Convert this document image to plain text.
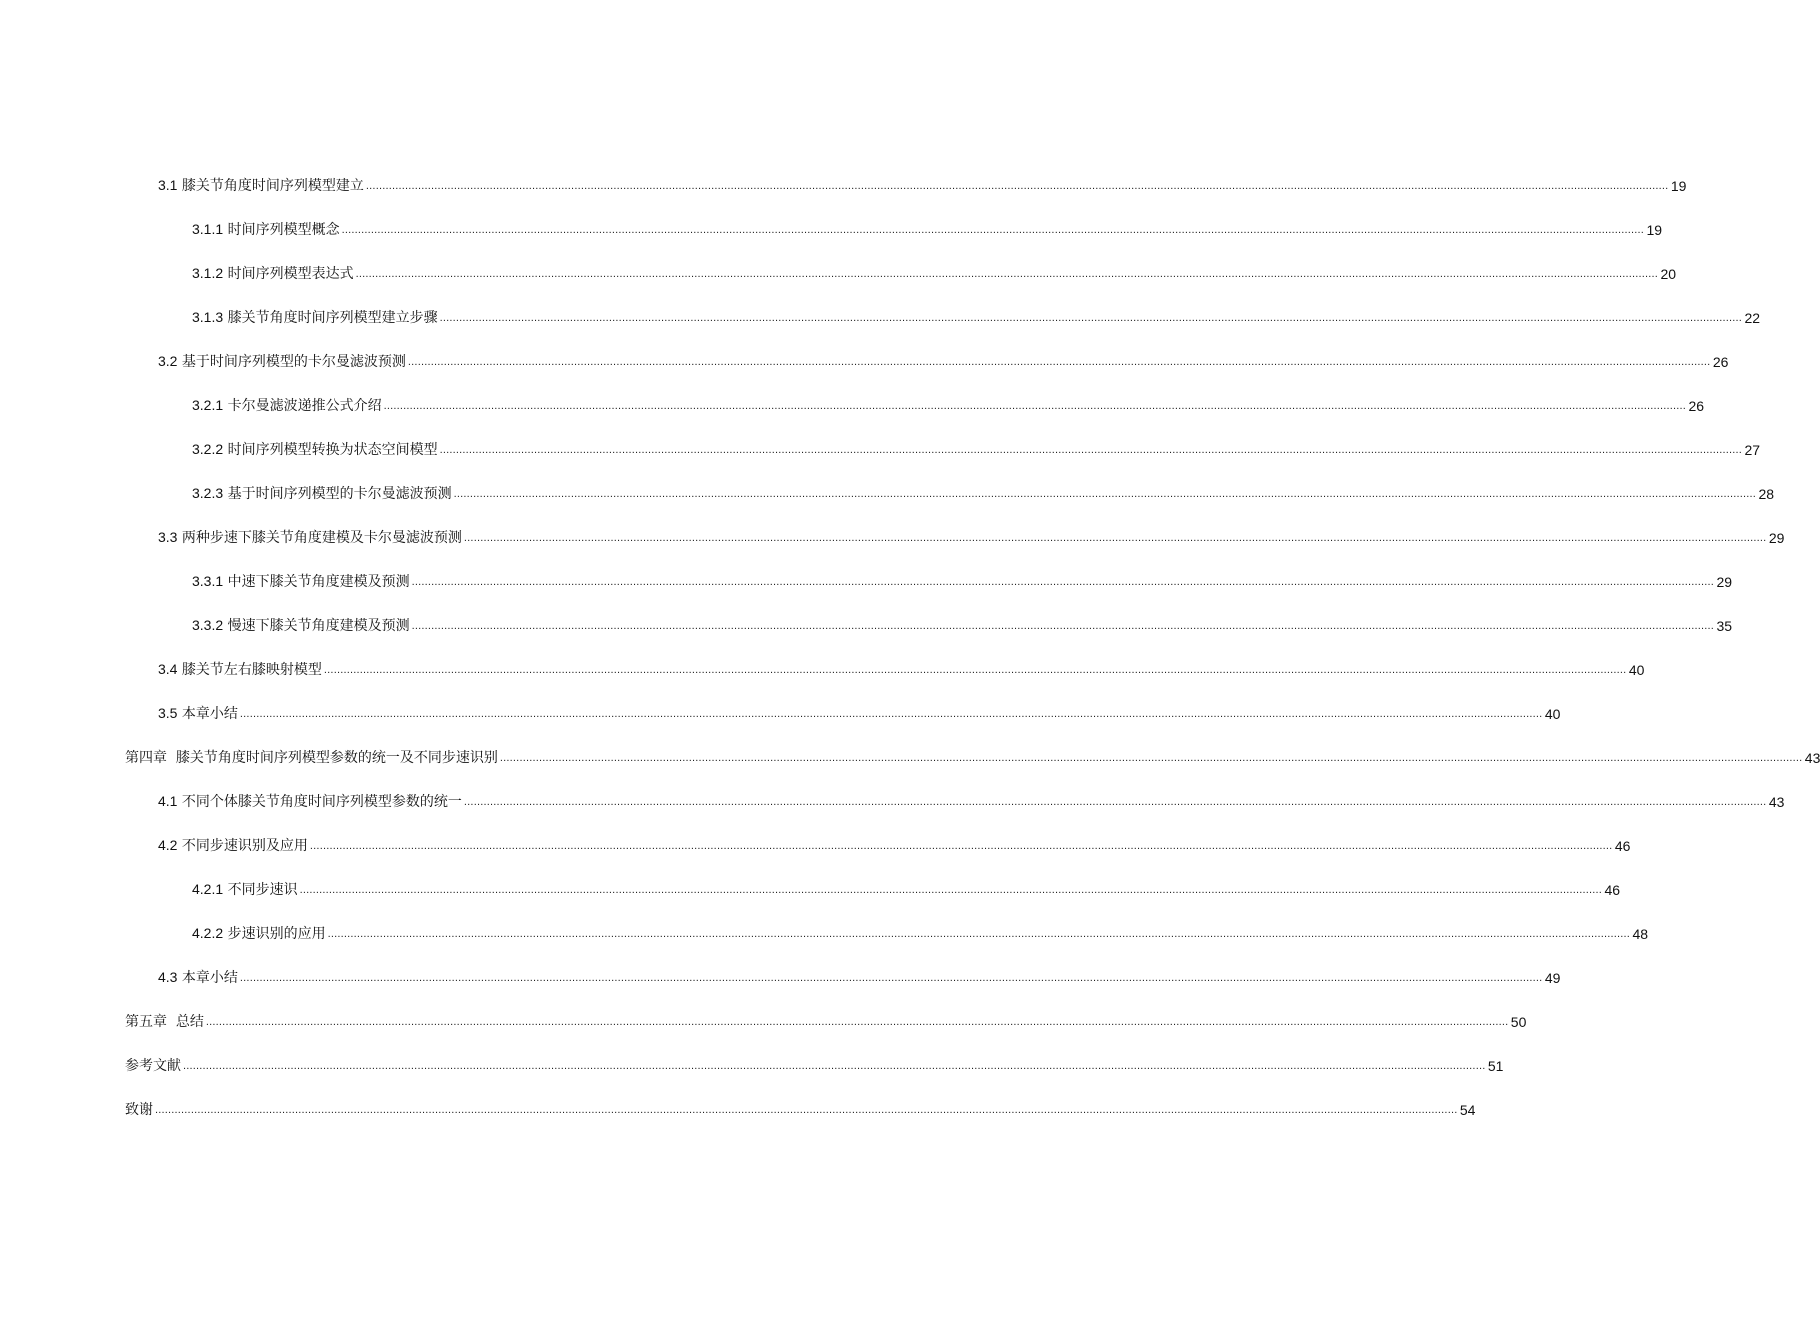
3.1 膝关节角度时间序列模型建立 ................................................................................................................................................................................................................................................................................................................................................................................................................ 19
3.1.1 时间序列模型概念 ................................................................................................................................................................................................................................................................................................................................................................................................................ 19
3.1.2 时间序列模型表达式 ................................................................................................................................................................................................................................................................................................................................................................................................................ 20
3.1.3 膝关节角度时间序列模型建立步骤 ................................................................................................................................................................................................................................................................................................................................................................................................................ 22
3.2 基于时间序列模型的卡尔曼滤波预测 ................................................................................................................................................................................................................................................................................................................................................................................................................ 26
3.2.1 卡尔曼滤波递推公式介绍 ................................................................................................................................................................................................................................................................................................................................................................................................................ 26
3.2.2 时间序列模型转换为状态空间模型 ................................................................................................................................................................................................................................................................................................................................................................................................................ 27
3.2.3 基于时间序列模型的卡尔曼滤波预测 ................................................................................................................................................................................................................................................................................................................................................................................................................ 28
3.3 两种步速下膝关节角度建模及卡尔曼滤波预测 ................................................................................................................................................................................................................................................................................................................................................................................................................ 29
3.3.1 中速下膝关节角度建模及预测 ................................................................................................................................................................................................................................................................................................................................................................................................................ 29
3.3.2 慢速下膝关节角度建模及预测 ................................................................................................................................................................................................................................................................................................................................................................................................................ 35
3.4 膝关节左右膝映射模型 ................................................................................................................................................................................................................................................................................................................................................................................................................ 40
3.5 本章小结 ................................................................................................................................................................................................................................................................................................................................................................................................................ 40
第四章  膝关节角度时间序列模型参数的统一及不同步速识别 ................................................................................................................................................................................................................................................................................................................................................................................................................ 43
4.1 不同个体膝关节角度时间序列模型参数的统一 ................................................................................................................................................................................................................................................................................................................................................................................................................ 43
4.2 不同步速识别及应用 ................................................................................................................................................................................................................................................................................................................................................................................................................ 46
4.2.1 不同步速识 ................................................................................................................................................................................................................................................................................................................................................................................................................ 46
4.2.2 步速识别的应用 ................................................................................................................................................................................................................................................................................................................................................................................................................ 48
4.3 本章小结 ................................................................................................................................................................................................................................................................................................................................................................................................................ 49
第五章  总结 ................................................................................................................................................................................................................................................................................................................................................................................................................ 50
参考文献 ................................................................................................................................................................................................................................................................................................................................................................................................................ 51
致谢 ................................................................................................................................................................................................................................................................................................................................................................................................................ 54
